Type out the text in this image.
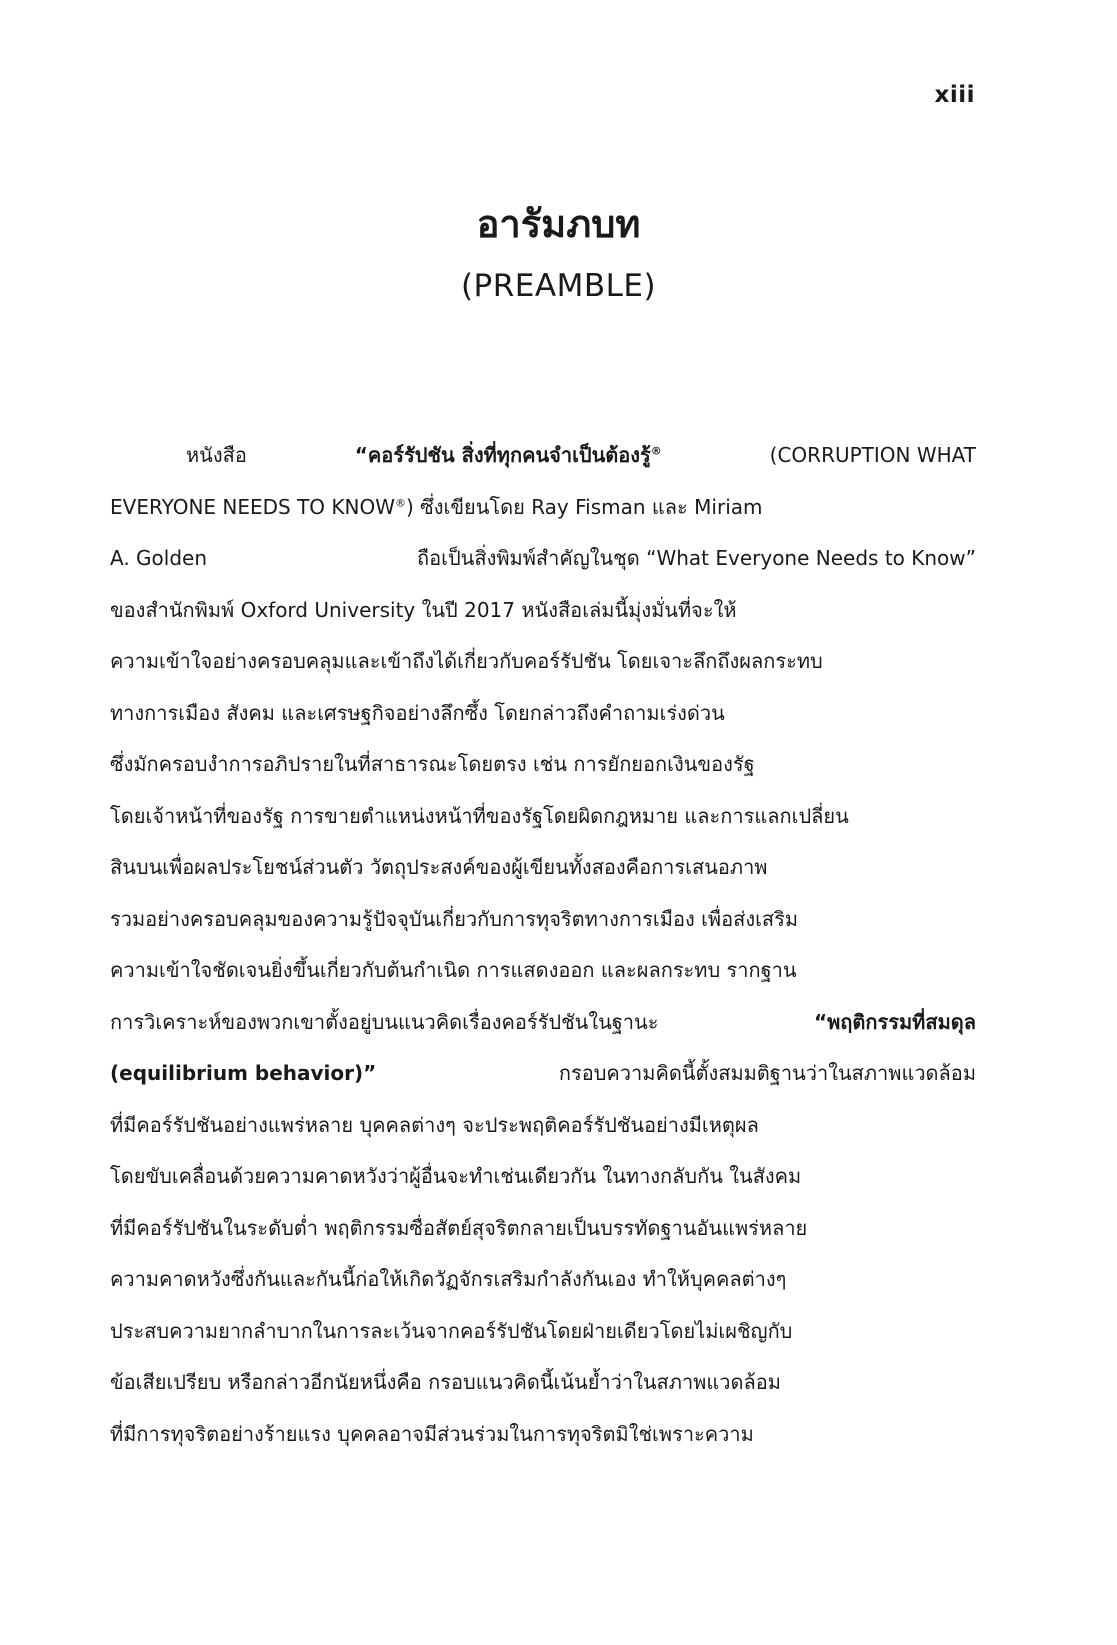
xiii
อารัมภบท
(PREAMBLE)
หนังสือ	“คอร์รัปชัน สิ่งที่ทุกคนจำเป็นต้องรู้®	(CORRUPTION WHAT
EVERYONE NEEDS TO KNOW®) ซึ่งเขียนโดย Ray Fisman และ Miriam
A. Golden	ถือเป็นสิ่งพิมพ์สำคัญในชุด “What Everyone Needs to Know”
ของสำนักพิมพ์ Oxford University ในปี 2017 หนังสือเล่มนี้มุ่งมั่นที่จะให้
ความเข้าใจอย่างครอบคลุมและเข้าถึงได้เกี่ยวกับคอร์รัปชัน โดยเจาะลึกถึงผลกระทบ
ทางการเมือง สังคม และเศรษฐกิจอย่างลึกซึ้ง โดยกล่าวถึงคำถามเร่งด่วน
ซึ่งมักครอบงำการอภิปรายในที่สาธารณะโดยตรง เช่น การยักยอกเงินของรัฐ
โดยเจ้าหน้าที่ของรัฐ การขายตำแหน่งหน้าที่ของรัฐโดยผิดกฎหมาย และการแลกเปลี่ยน
สินบนเพื่อผลประโยชน์ส่วนตัว วัตถุประสงค์ของผู้เขียนทั้งสองคือการเสนอภาพ
รวมอย่างครอบคลุมของความรู้ปัจจุบันเกี่ยวกับการทุจริตทางการเมือง เพื่อส่งเสริม
ความเข้าใจชัดเจนยิ่งขึ้นเกี่ยวกับต้นกำเนิด การแสดงออก และผลกระทบ รากฐาน
การวิเคราะห์ของพวกเขาตั้งอยู่บนแนวคิดเรื่องคอร์รัปชันในฐานะ	“พฤติกรรมที่สมดุล
(equilibrium behavior)”	กรอบความคิดนี้ตั้งสมมติฐานว่าในสภาพแวดล้อม
ที่มีคอร์รัปชันอย่างแพร่หลาย บุคคลต่างๆ จะประพฤติคอร์รัปชันอย่างมีเหตุผล
โดยขับเคลื่อนด้วยความคาดหวังว่าผู้อื่นจะทำเช่นเดียวกัน ในทางกลับกัน ในสังคม
ที่มีคอร์รัปชันในระดับต่ำ พฤติกรรมซื่อสัตย์สุจริตกลายเป็นบรรทัดฐานอันแพร่หลาย
ความคาดหวังซึ่งกันและกันนี้ก่อให้เกิดวัฏจักรเสริมกำลังกันเอง ทำให้บุคคลต่างๆ
ประสบความยากลำบากในการละเว้นจากคอร์รัปชันโดยฝ่ายเดียวโดยไม่เผชิญกับ
ข้อเสียเปรียบ หรือกล่าวอีกนัยหนึ่งคือ กรอบแนวคิดนี้เน้นย้ำว่าในสภาพแวดล้อม
ที่มีการทุจริตอย่างร้ายแรง บุคคลอาจมีส่วนร่วมในการทุจริตมิใช่เพราะความ
